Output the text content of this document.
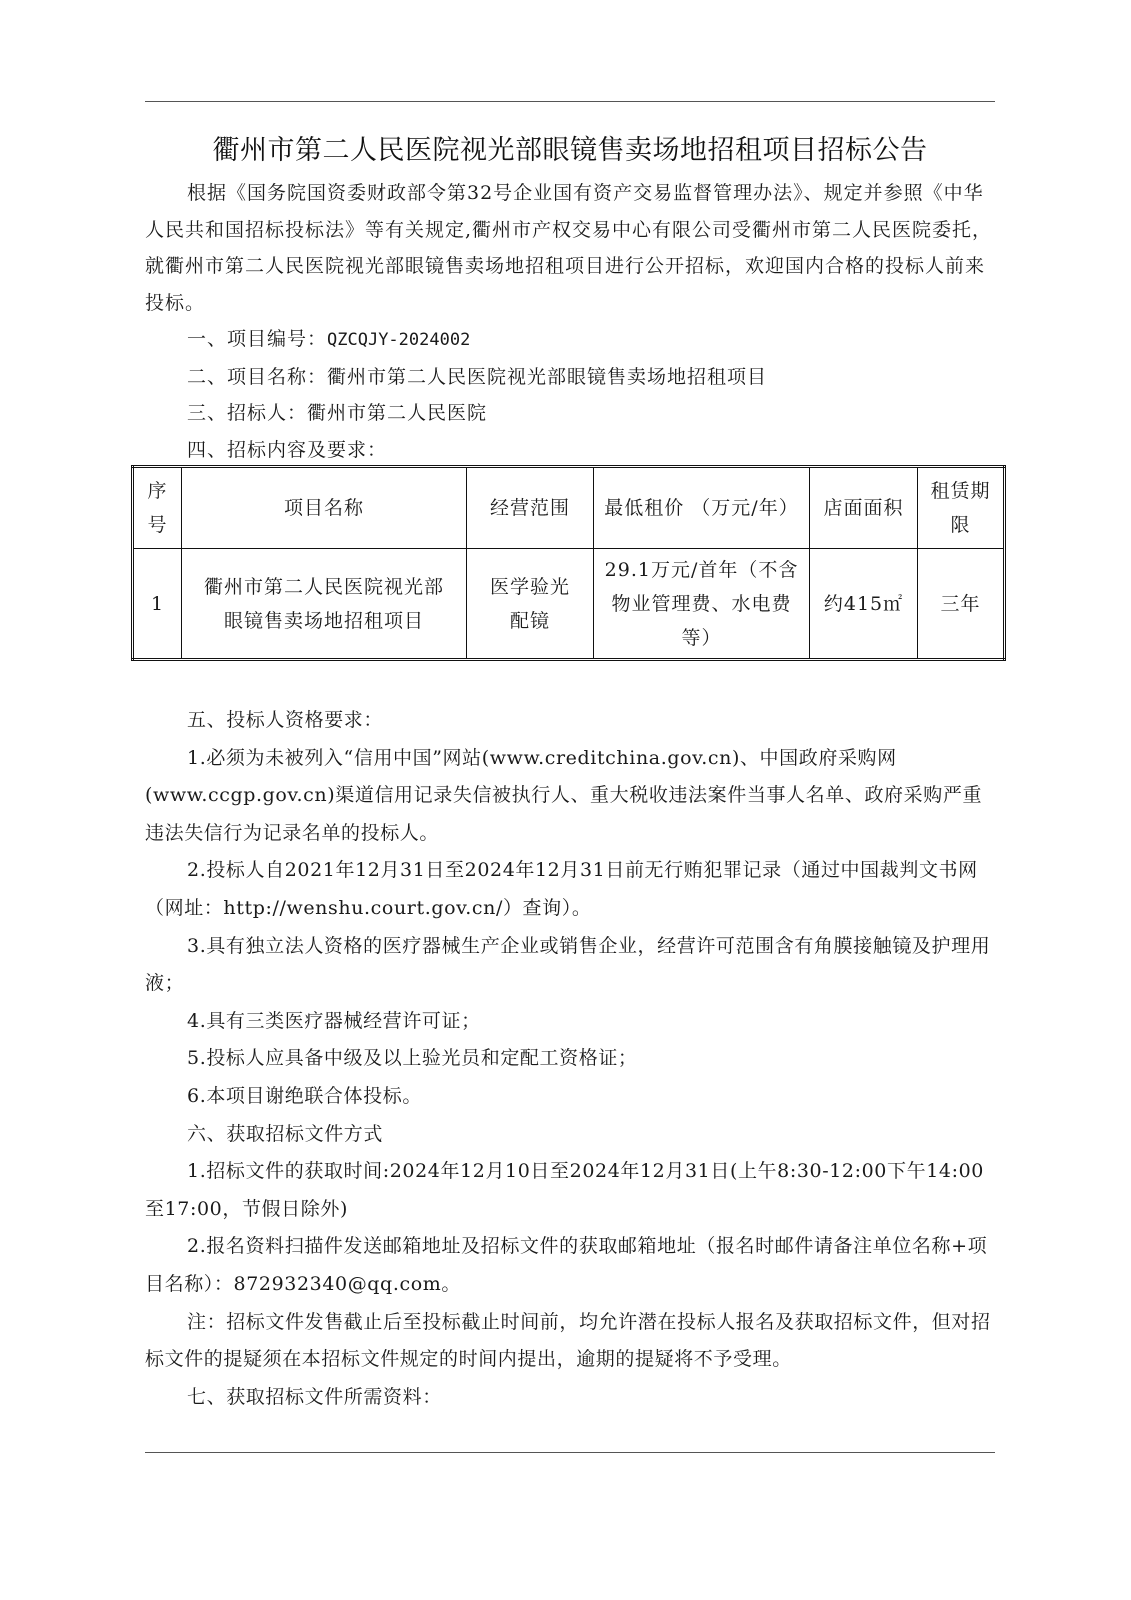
衢州市第二人民医院视光部眼镜售卖场地招租项目招标公告

根据《国务院国资委财政部令第32号企业国有资产交易监督管理办法》、规定并参照《中华人民共和国招标投标法》等有关规定,衢州市产权交易中心有限公司受衢州市第二人民医院委托，就衢州市第二人民医院视光部眼镜售卖场地招租项目进行公开招标，欢迎国内合格的投标人前来投标。

一、项目编号：QZCQJY-2024002

二、项目名称：衢州市第二人民医院视光部眼镜售卖场地招租项目

三、招标人：衢州市第二人民医院

四、招标内容及要求：

序号	项目名称	经营范围	最低租价 （万元/年）	店面面积	租赁期限
1	衢州市第二人民医院视光部眼镜售卖场地招租项目	医学验光配镜	29.1万元/首年（不含物业管理费、水电费等）	约415㎡	三年

五、投标人资格要求：

1.必须为未被列入“信用中国”网站(www.creditchina.gov.cn)、中国政府采购网(www.ccgp.gov.cn)渠道信用记录失信被执行人、重大税收违法案件当事人名单、政府采购严重违法失信行为记录名单的投标人。

2.投标人自2021年12月31日至2024年12月31日前无行贿犯罪记录（通过中国裁判文书网（网址：http://wenshu.court.gov.cn/）查询）。

3.具有独立法人资格的医疗器械生产企业或销售企业，经营许可范围含有角膜接触镜及护理用液；

4.具有三类医疗器械经营许可证；

5.投标人应具备中级及以上验光员和定配工资格证；

6.本项目谢绝联合体投标。

六、获取招标文件方式

1.招标文件的获取时间:2024年12月10日至2024年12月31日(上午8:30-12:00下午14:00至17:00，节假日除外)

2.报名资料扫描件发送邮箱地址及招标文件的获取邮箱地址（报名时邮件请备注单位名称+项目名称）：872932340@qq.com。

注：招标文件发售截止后至投标截止时间前，均允许潜在投标人报名及获取招标文件，但对招标文件的提疑须在本招标文件规定的时间内提出，逾期的提疑将不予受理。

七、获取招标文件所需资料：
